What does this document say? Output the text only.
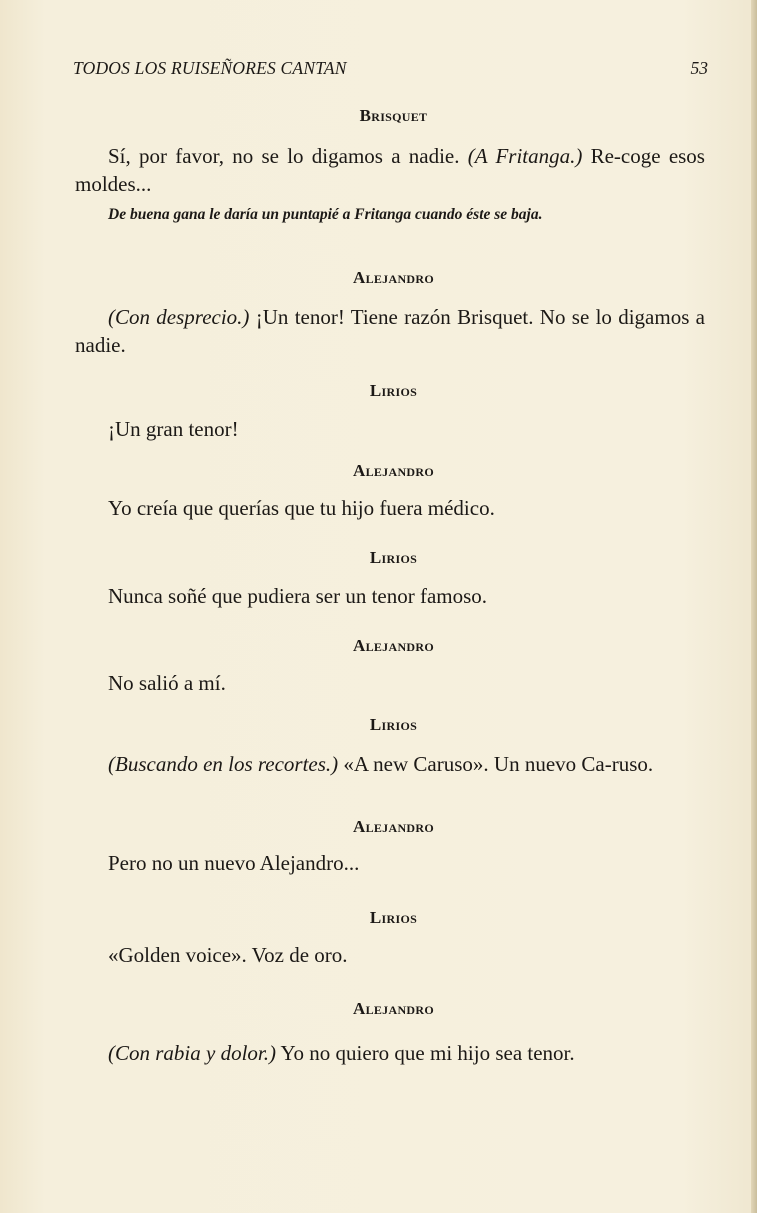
TODOS LOS RUISEÑORES CANTAN	53
Brisquet
Sí, por favor, no se lo digamos a nadie. (A Fritanga.) Re-coge esos moldes...
De buena gana le daría un puntapié a Fritanga cuando éste se baja.
Alejandro
(Con desprecio.) ¡Un tenor! Tiene razón Brisquet. No se lo digamos a nadie.
Lirios
¡Un gran tenor!
Alejandro
Yo creía que querías que tu hijo fuera médico.
Lirios
Nunca soñé que pudiera ser un tenor famoso.
Alejandro
No salió a mí.
Lirios
(Buscando en los recortes.) «A new Caruso». Un nuevo Ca-ruso.
Alejandro
Pero no un nuevo Alejandro...
Lirios
«Golden voice». Voz de oro.
Alejandro
(Con rabia y dolor.) Yo no quiero que mi hijo sea tenor.
